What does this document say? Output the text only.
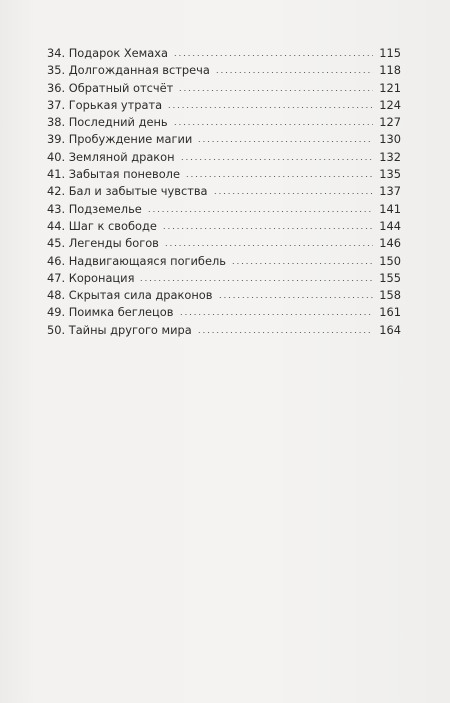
34. Подарок Хемаха	115
35. Долгожданная встреча	118
36. Обратный отсчёт	121
37. Горькая утрата	124
38. Последний день	127
39. Пробуждение магии	130
40. Земляной дракон	132
41. Забытая поневоле	135
42. Бал и забытые чувства	137
43. Подземелье	141
44. Шаг к свободе	144
45. Легенды богов	146
46. Надвигающаяся погибель	150
47. Коронация	155
48. Скрытая сила драконов	158
49. Поимка беглецов	161
50. Тайны другого мира	164
